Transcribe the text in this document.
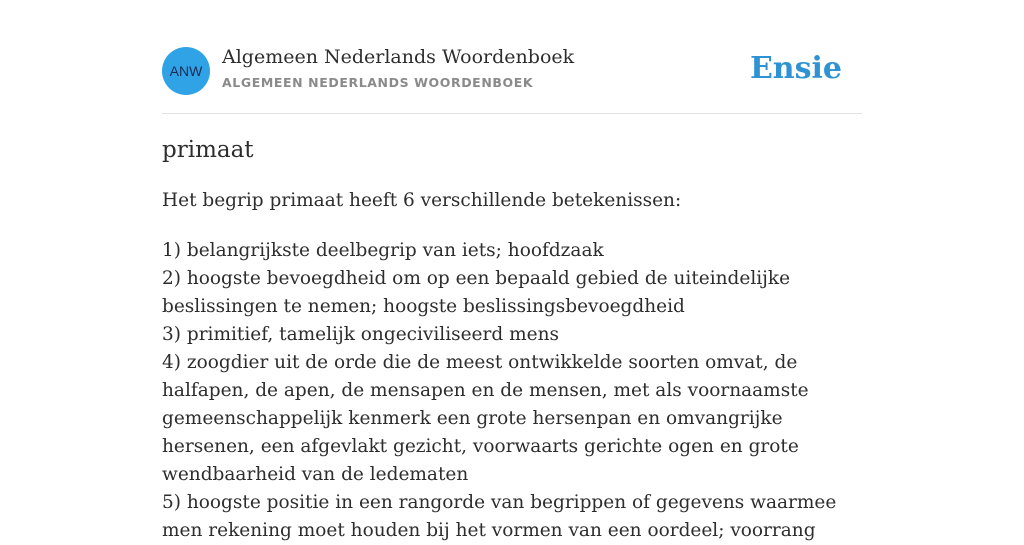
ANW
Algemeen Nederlands Woordenboek
ALGEMEEN NEDERLANDS WOORDENBOEK	Ensie
primaat

Het begrip primaat heeft 6 verschillende betekenissen:

1) belangrijkste deelbegrip van iets; hoofdzaak
2) hoogste bevoegdheid om op een bepaald gebied de uiteindelijke beslissingen te nemen; hoogste beslissingsbevoegdheid
3) primitief, tamelijk ongeciviliseerd mens
4) zoogdier uit de orde die de meest ontwikkelde soorten omvat, de halfapen, de apen, de mensapen en de mensen, met als voornaamste gemeenschappelijk kenmerk een grote hersenpan en omvangrijke hersenen, een afgevlakt gezicht, voorwaarts gerichte ogen en grote wendbaarheid van de ledematen
5) hoogste positie in een rangorde van begrippen of gegevens waarmee men rekening moet houden bij het vormen van een oordeel; voorrang
